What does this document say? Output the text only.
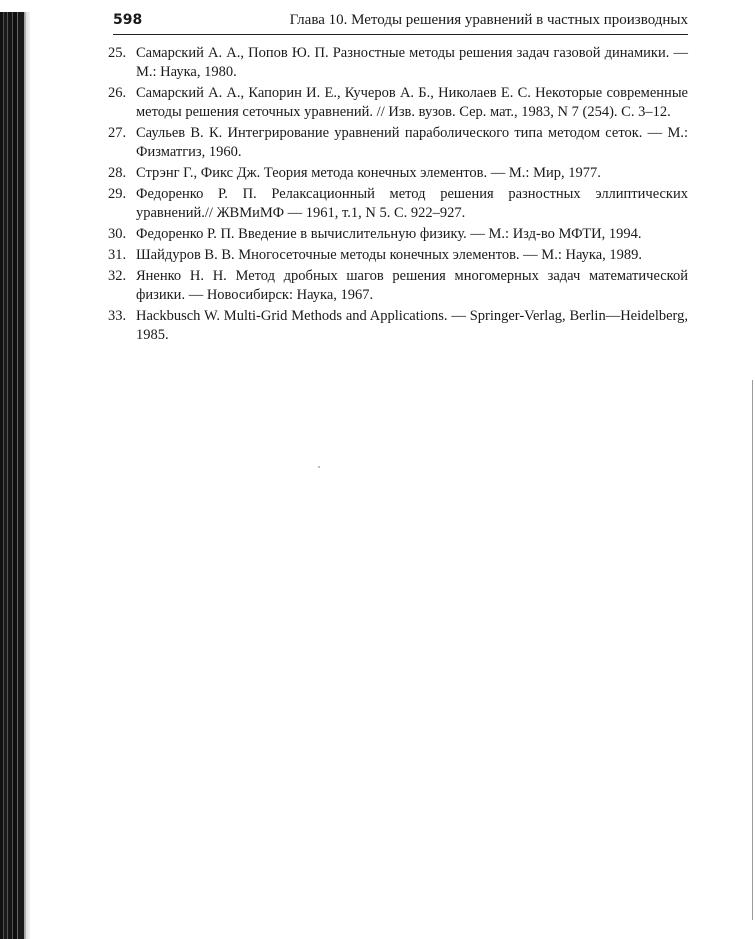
598	Глава 10. Методы решения уравнений в частных производных
25. Самарский А. А., Попов Ю. П. Разностные методы решения задач газовой динамики. — М.: Наука, 1980.
26. Самарский А. А., Капорин И. Е., Кучеров А. Б., Николаев Е. С. Некоторые современные методы решения сеточных уравнений. // Изв. вузов. Сер. мат., 1983, N 7 (254). С. 3–12.
27. Саульев В. К. Интегрирование уравнений параболического типа методом сеток. — М.: Физматгиз, 1960.
28. Стрэнг Г., Фикс Дж. Теория метода конечных элементов. — М.: Мир, 1977.
29. Федоренко Р. П. Релаксационный метод решения разностных эллиптических уравнений.// ЖВМиМФ — 1961, т.1, N 5. С. 922–927.
30. Федоренко Р. П. Введение в вычислительную физику. — М.: Изд-во МФТИ, 1994.
31. Шайдуров В. В. Многосеточные методы конечных элементов. — М.: Наука, 1989.
32. Яненко Н. Н. Метод дробных шагов решения многомерных задач математической физики. — Новосибирск: Наука, 1967.
33. Hackbusch W. Multi-Grid Methods and Applications. — Springer-Verlag, Berlin—Heidelberg, 1985.
